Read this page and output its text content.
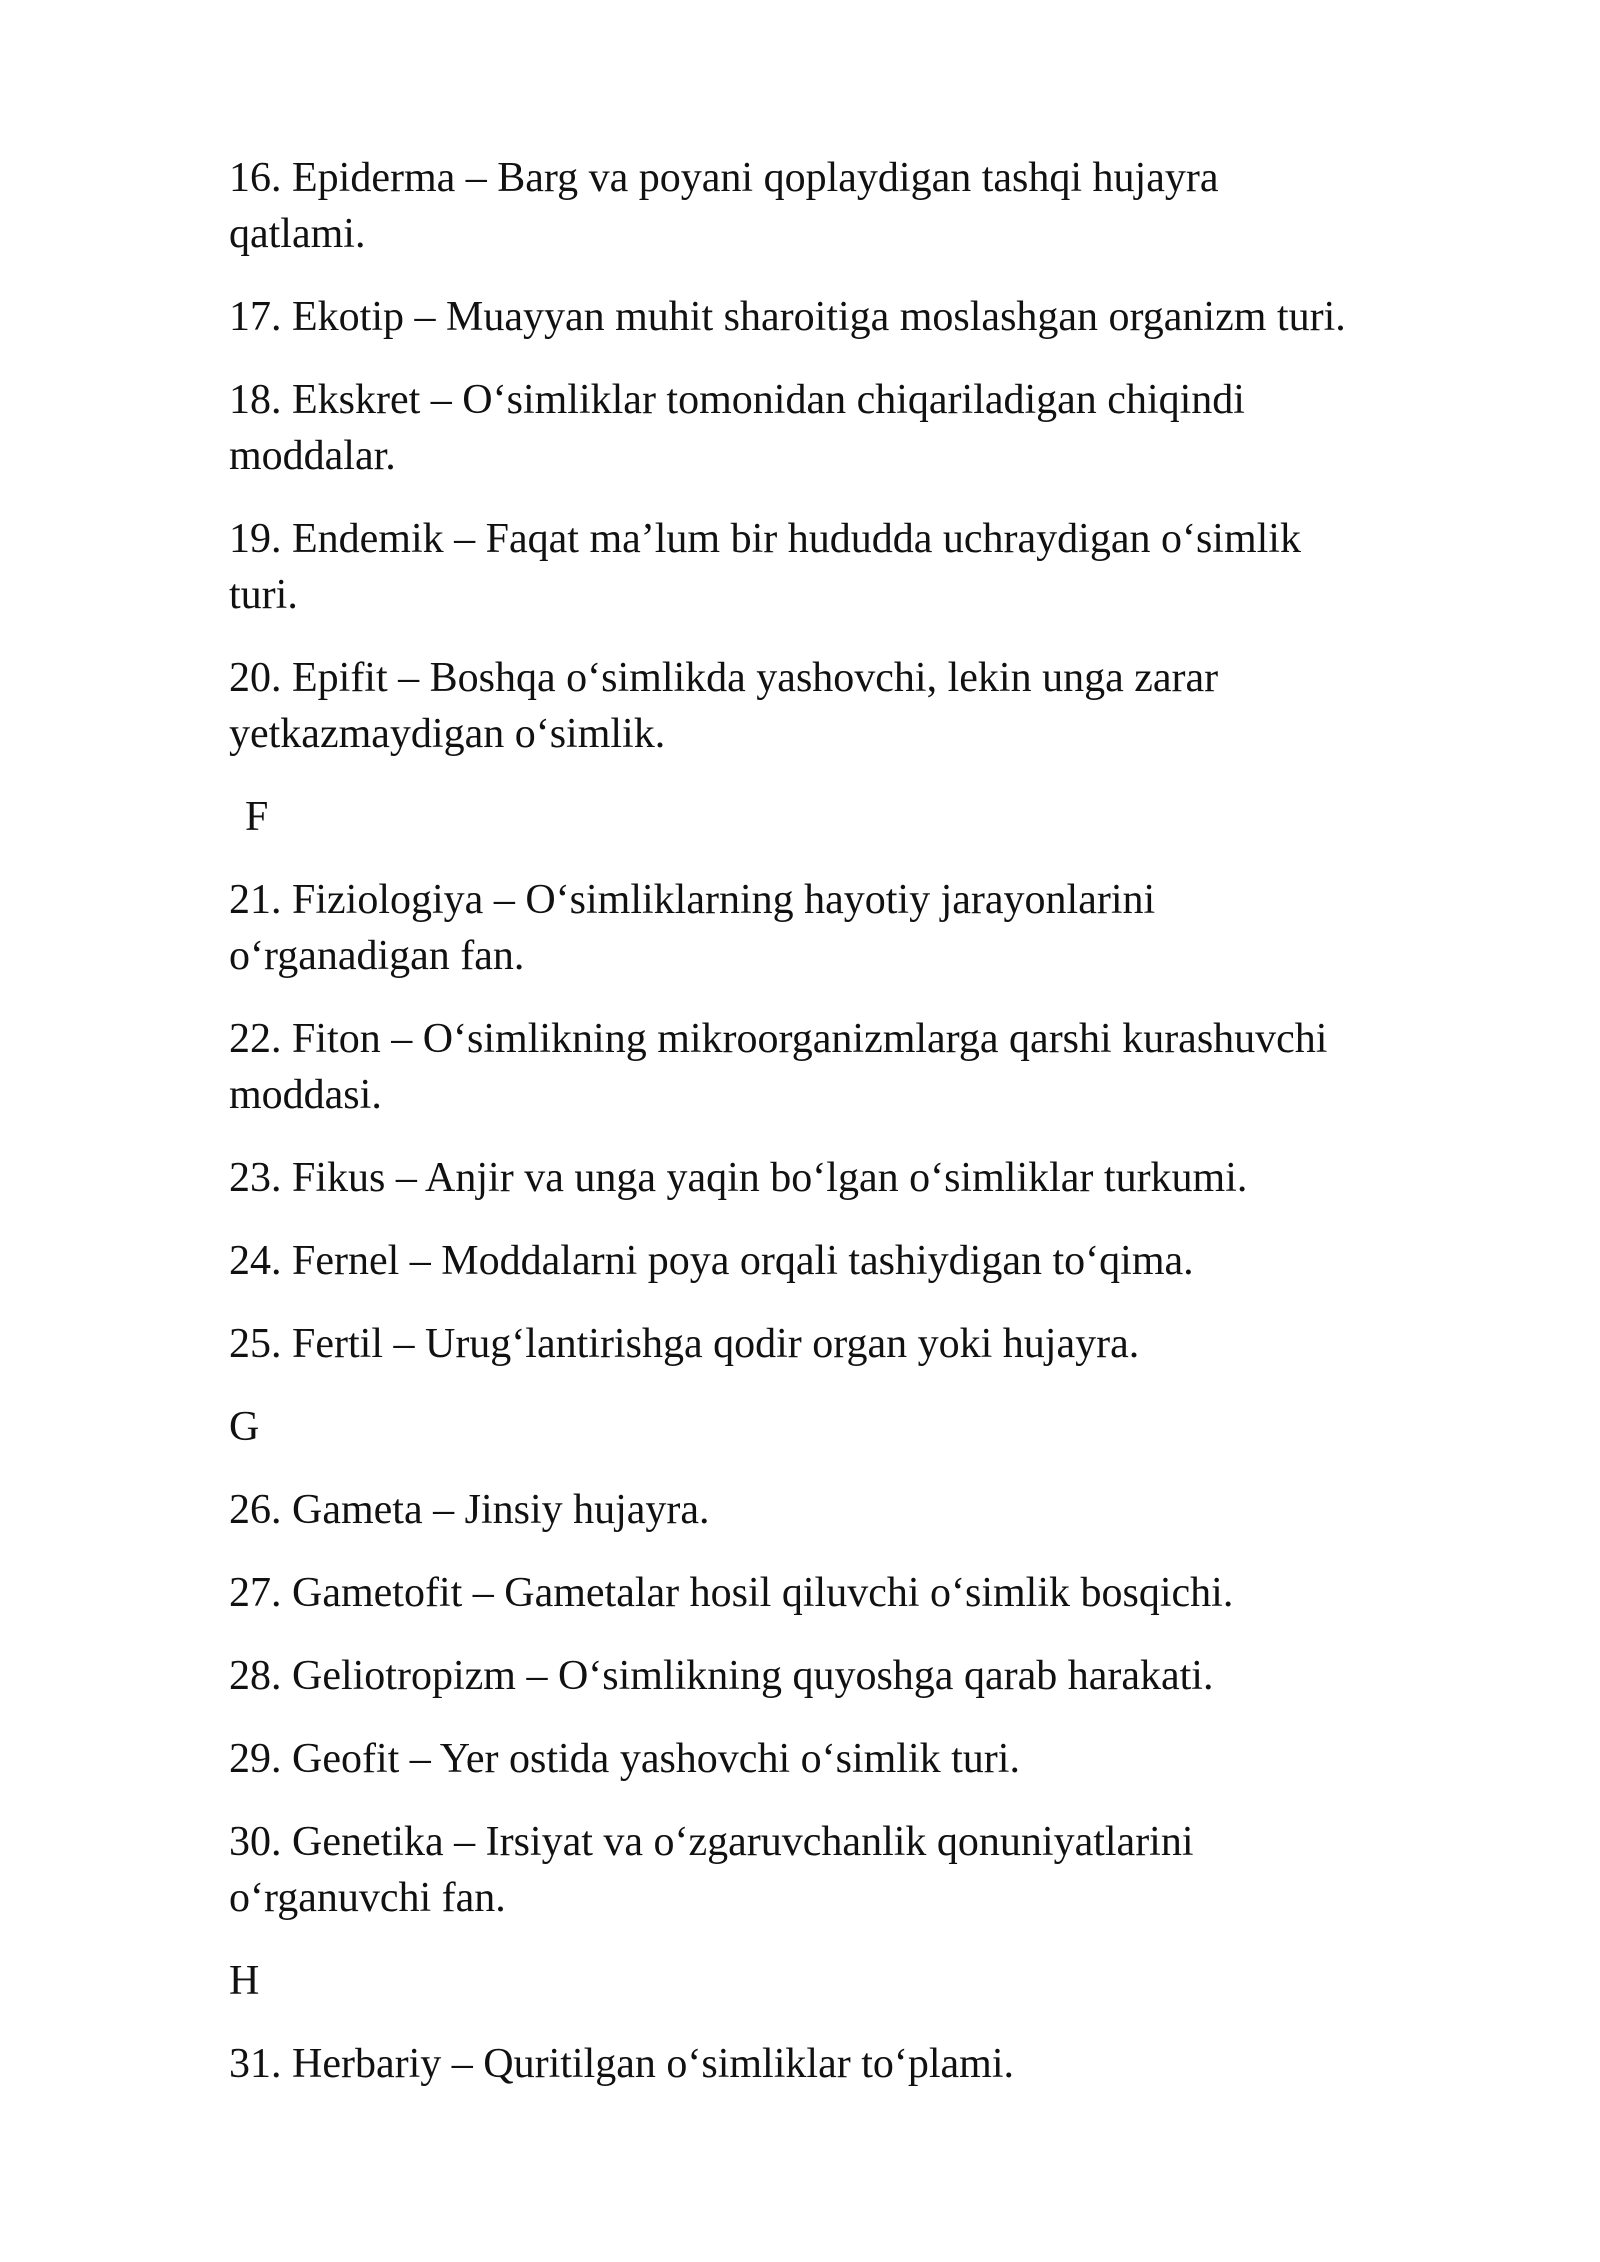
16. Epiderma – Barg va poyani qoplaydigan tashqi hujayra
qatlami.
17. Ekotip – Muayyan muhit sharoitiga moslashgan organizm turi.
18. Ekskret – O‘simliklar tomonidan chiqariladigan chiqindi
moddalar.
19. Endemik – Faqat ma’lum bir hududda uchraydigan o‘simlik
turi.
20. Epifit – Boshqa o‘simlikda yashovchi, lekin unga zarar
yetkazmaydigan o‘simlik.
F
21. Fiziologiya – O‘simliklarning hayotiy jarayonlarini
o‘rganadigan fan.
22. Fiton – O‘simlikning mikroorganizmlarga qarshi kurashuvchi
moddasi.
23. Fikus – Anjir va unga yaqin bo‘lgan o‘simliklar turkumi.
24. Fernel – Moddalarni poya orqali tashiydigan to‘qima.
25. Fertil – Urug‘lantirishga qodir organ yoki hujayra.
G
26. Gameta – Jinsiy hujayra.
27. Gametofit – Gametalar hosil qiluvchi o‘simlik bosqichi.
28. Geliotropizm – O‘simlikning quyoshga qarab harakati.
29. Geofit – Yer ostida yashovchi o‘simlik turi.
30. Genetika – Irsiyat va o‘zgaruvchanlik qonuniyatlarini
o‘rganuvchi fan.
H
31. Herbariy – Quritilgan o‘simliklar to‘plami.
